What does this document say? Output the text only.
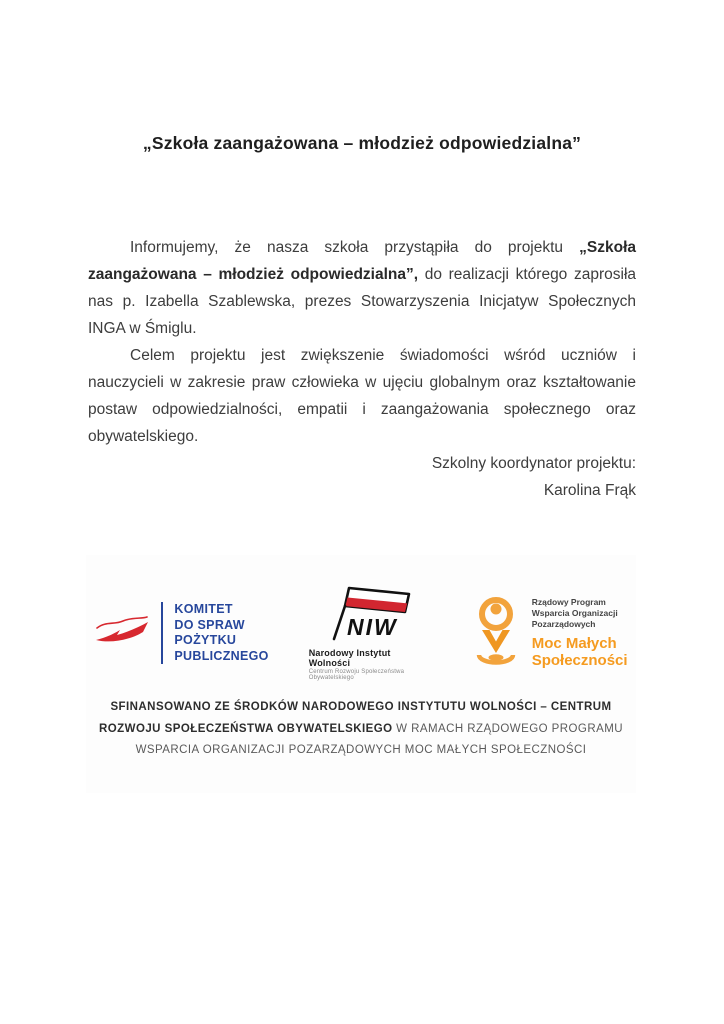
„Szkoła zaangażowana – młodzież odpowiedzialna”

Informujemy, że nasza szkoła przystąpiła do projektu „Szkoła zaangażowana – młodzież odpowiedzialna”, do realizacji którego zaprosiła nas p. Izabella Szablewska, prezes Stowarzyszenia Inicjatyw Społecznych INGA w Śmiglu.

Celem projektu jest zwiększenie świadomości wśród uczniów i nauczycieli w zakresie praw człowieka w ujęciu globalnym oraz kształtowanie postaw odpowiedzialności, empatii i zaangażowania społecznego oraz obywatelskiego.

Szkolny koordynator projektu:
Karolina Frąk
KOMITET
DO SPRAW
POŻYTKU
PUBLICZNEGO
NIW
Narodowy Instytut Wolności
Centrum Rozwoju Społeczeństwa Obywatelskiego
Rządowy Program
Wsparcia Organizacji
Pozarządowych
Moc Małych
Społeczności
SFINANSOWANO ZE ŚRODKÓW NARODOWEGO INSTYTUTU WOLNOŚCI – CENTRUM ROZWOJU SPOŁECZEŃSTWA OBYWATELSKIEGO W RAMACH RZĄDOWEGO PROGRAMU WSPARCIA ORGANIZACJI POZARZĄDOWYCH MOC MAŁYCH SPOŁECZNOŚCI
